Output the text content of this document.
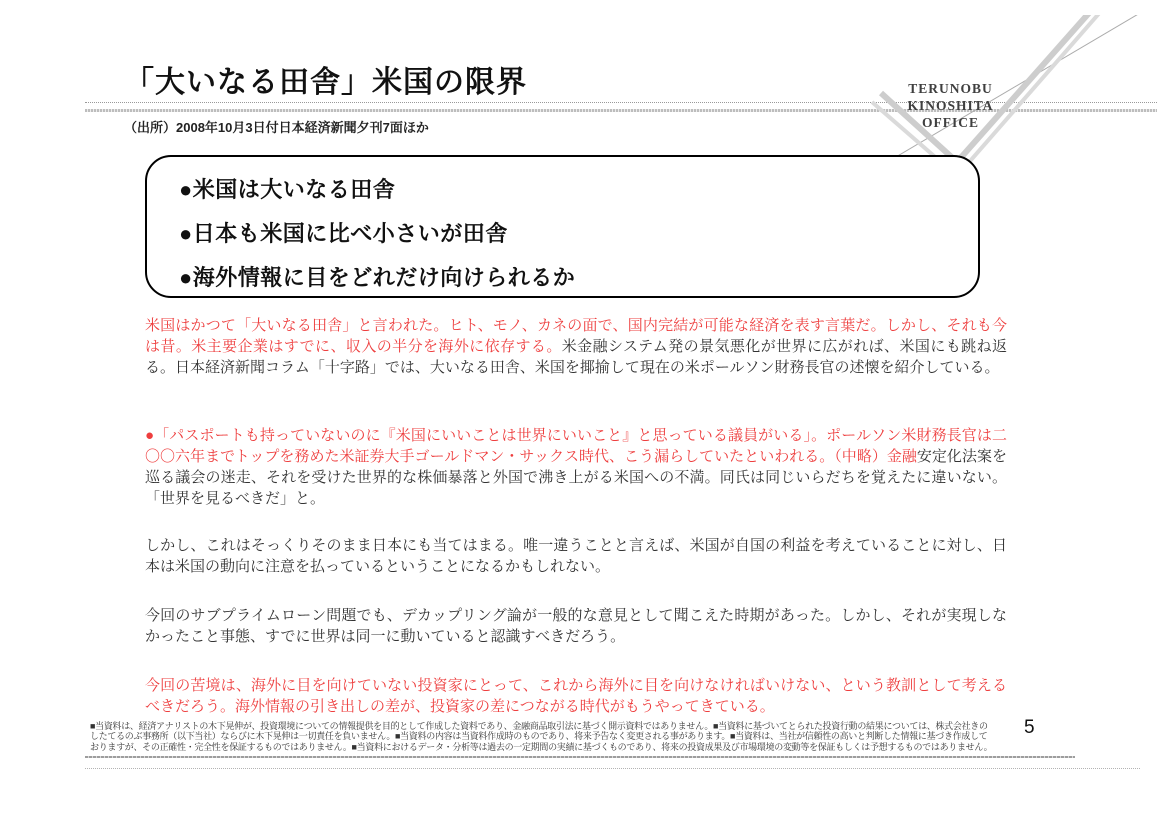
「大いなる田舎」米国の限界
（出所）2008年10月3日付日本経済新聞夕刊7面ほか
TERUNOBU
KINOSHITA
OFFICE
●米国は大いなる田舎
●日本も米国に比べ小さいが田舎
●海外情報に目をどれだけ向けられるか
米国はかつて「大いなる田舎」と言われた。ヒト、モノ、カネの面で、国内完結が可能な経済を表す言葉だ。しかし、それも今は昔。米主要企業はすでに、収入の半分を海外に依存する。米金融システム発の景気悪化が世界に広がれば、米国にも跳ね返る。日本経済新聞コラム「十字路」では、大いなる田舎、米国を揶揄して現在の米ポールソン財務長官の述懐を紹介している。
●「パスポートも持っていないのに『米国にいいことは世界にいいこと』と思っている議員がいる」。ポールソン米財務長官は二〇〇六年までトップを務めた米証券大手ゴールドマン・サックス時代、こう漏らしていたといわれる。（中略）金融安定化法案を巡る議会の迷走、それを受けた世界的な株価暴落と外国で沸き上がる米国への不満。同氏は同じいらだちを覚えたに違いない。「世界を見るべきだ」と。
しかし、これはそっくりそのまま日本にも当てはまる。唯一違うことと言えば、米国が自国の利益を考えていることに対し、日本は米国の動向に注意を払っているということになるかもしれない。
今回のサブプライムローン問題でも、デカップリング論が一般的な意見として聞こえた時期があった。しかし、それが実現しなかったこと事態、すでに世界は同一に動いていると認識すべきだろう。
今回の苦境は、海外に目を向けていない投資家にとって、これから海外に目を向けなければいけない、という教訓として考えるべきだろう。海外情報の引き出しの差が、投資家の差につながる時代がもうやってきている。
■当資料は、経済アナリストの木下晃伸が、投資環境についての情報提供を目的として作成した資料であり、金融商品取引法に基づく開示資料ではありません。■当資料に基づいてとられた投資行動の結果については、株式会社きの
したてるのぶ事務所（以下当社）ならびに木下晃伸は一切責任を負いません。■当資料の内容は当資料作成時のものであり、将来予告なく変更される事があります。■当資料は、当社が信頼性の高いと判断した情報に基づき作成して
おりますが、その正確性・完全性を保証するものではありません。■当資料におけるデータ・分析等は過去の一定期間の実績に基づくものであり、将来の投資成果及び市場環境の変動等を保証もしくは予想するものではありません。
5
